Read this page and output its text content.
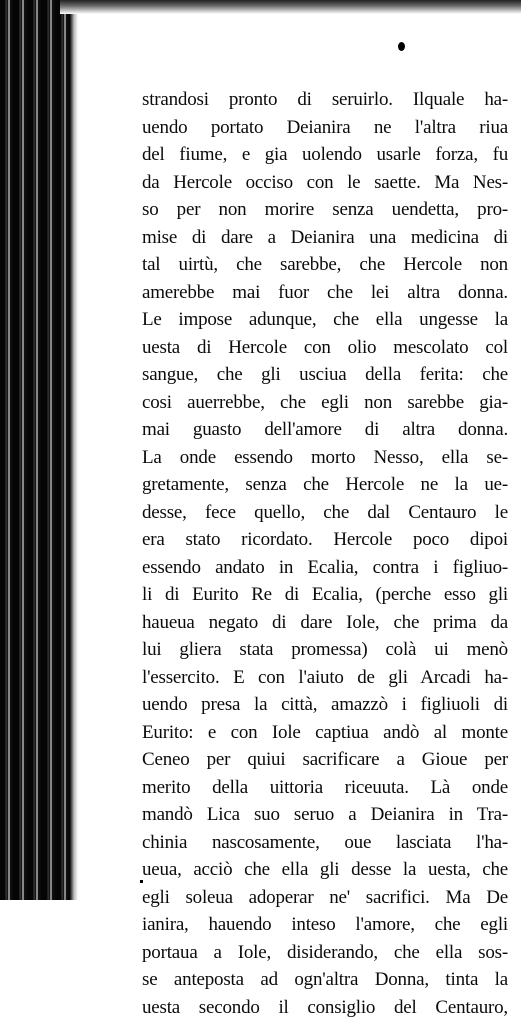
strandosi pronto di seruirlo. Ilquale ha-
uendo portato Deianira ne l'altra riua
del fiume, e gia uolendo usarle forza, fu
da Hercole occiso con le saette. Ma Nes-
so per non morire senza uendetta, pro-
mise di dare a Deianira una medicina di
tal uirtù, che sarebbe, che Hercole non
amerebbe mai fuor che lei altra donna.
Le impose adunque, che ella ungesse la
uesta di Hercole con olio mescolato col
sangue, che gli usciua della ferita: che
cosi auerrebbe, che egli non sarebbe gia-
mai guasto dell'amore di altra donna.
La onde essendo morto Nesso, ella se-
gretamente, senza che Hercole ne la ue-
desse, fece quello, che dal Centauro le
era stato ricordato. Hercole poco dipoi
essendo andato in Ecalia, contra i figliuo-
li di Eurito Re di Ecalia, (perche esso gli
haueua negato di dare Iole, che prima da
lui gliera stata promessa) colà ui menò
l'essercito. E con l'aiuto de gli Arcadi ha-
uendo presa la città, amazzò i figliuoli di
Eurito: e con Iole captiua andò al monte
Ceneo per quiui sacrificare a Gioue per
merito della uittoria riceuuta. Là onde
mandò Lica suo seruo a Deianira in Tra-
chinia nascosamente, oue lasciata l'ha-
ueua, acciò che ella gli desse la uesta, che
egli soleua adoperar ne' sacrifici. Ma De
ianira, hauendo inteso l'amore, che egli
portaua a Iole, disiderando, che ella sos-
se anteposta ad ogn'altra Donna, tinta la
uesta secondo il consiglio del Centauro,
